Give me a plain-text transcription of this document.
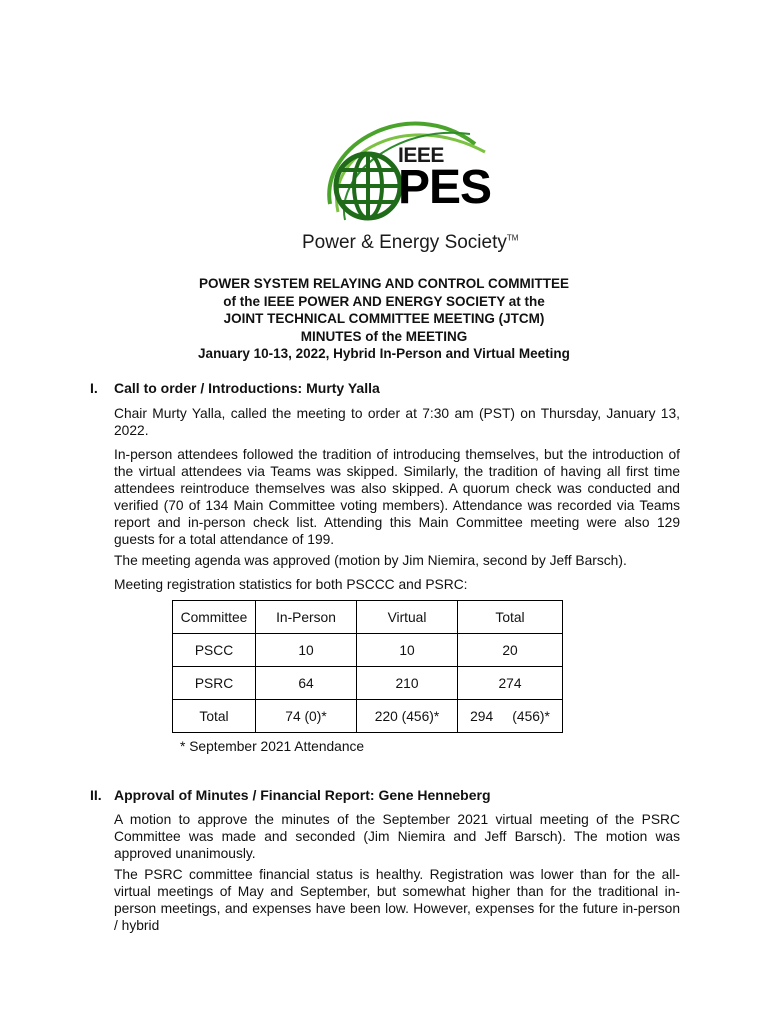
IEEE
PES
Power & Energy Society™
POWER SYSTEM RELAYING AND CONTROL COMMITTEE
of the IEEE POWER AND ENERGY SOCIETY at the
JOINT TECHNICAL COMMITTEE MEETING (JTCM)
MINUTES of the MEETING
January 10-13, 2022, Hybrid In-Person and Virtual Meeting
I. Call to order / Introductions: Murty Yalla
Chair Murty Yalla, called the meeting to order at 7:30 am (PST) on Thursday, January 13, 2022.
In-person attendees followed the tradition of introducing themselves, but the introduction of the virtual attendees via Teams was skipped. Similarly, the tradition of having all first time attendees reintroduce themselves was also skipped. A quorum check was conducted and verified (70 of 134 Main Committee voting members). Attendance was recorded via Teams report and in-person check list. Attending this Main Committee meeting were also 129 guests for a total attendance of 199.
The meeting agenda was approved (motion by Jim Niemira, second by Jeff Barsch).
Meeting registration statistics for both PSCCC and PSRC:
Committee	In-Person	Virtual	Total
PSCC	10	10	20
PSRC	64	210	274
Total	74 (0)*	220 (456)*	294     (456)*
* September 2021 Attendance
II. Approval of Minutes / Financial Report: Gene Henneberg
A motion to approve the minutes of the September 2021 virtual meeting of the PSRC Committee was made and seconded (Jim Niemira and Jeff Barsch). The motion was approved unanimously.
The PSRC committee financial status is healthy. Registration was lower than for the all-virtual meetings of May and September, but somewhat higher than for the traditional in-person meetings, and expenses have been low. However, expenses for the future in-person / hybrid
